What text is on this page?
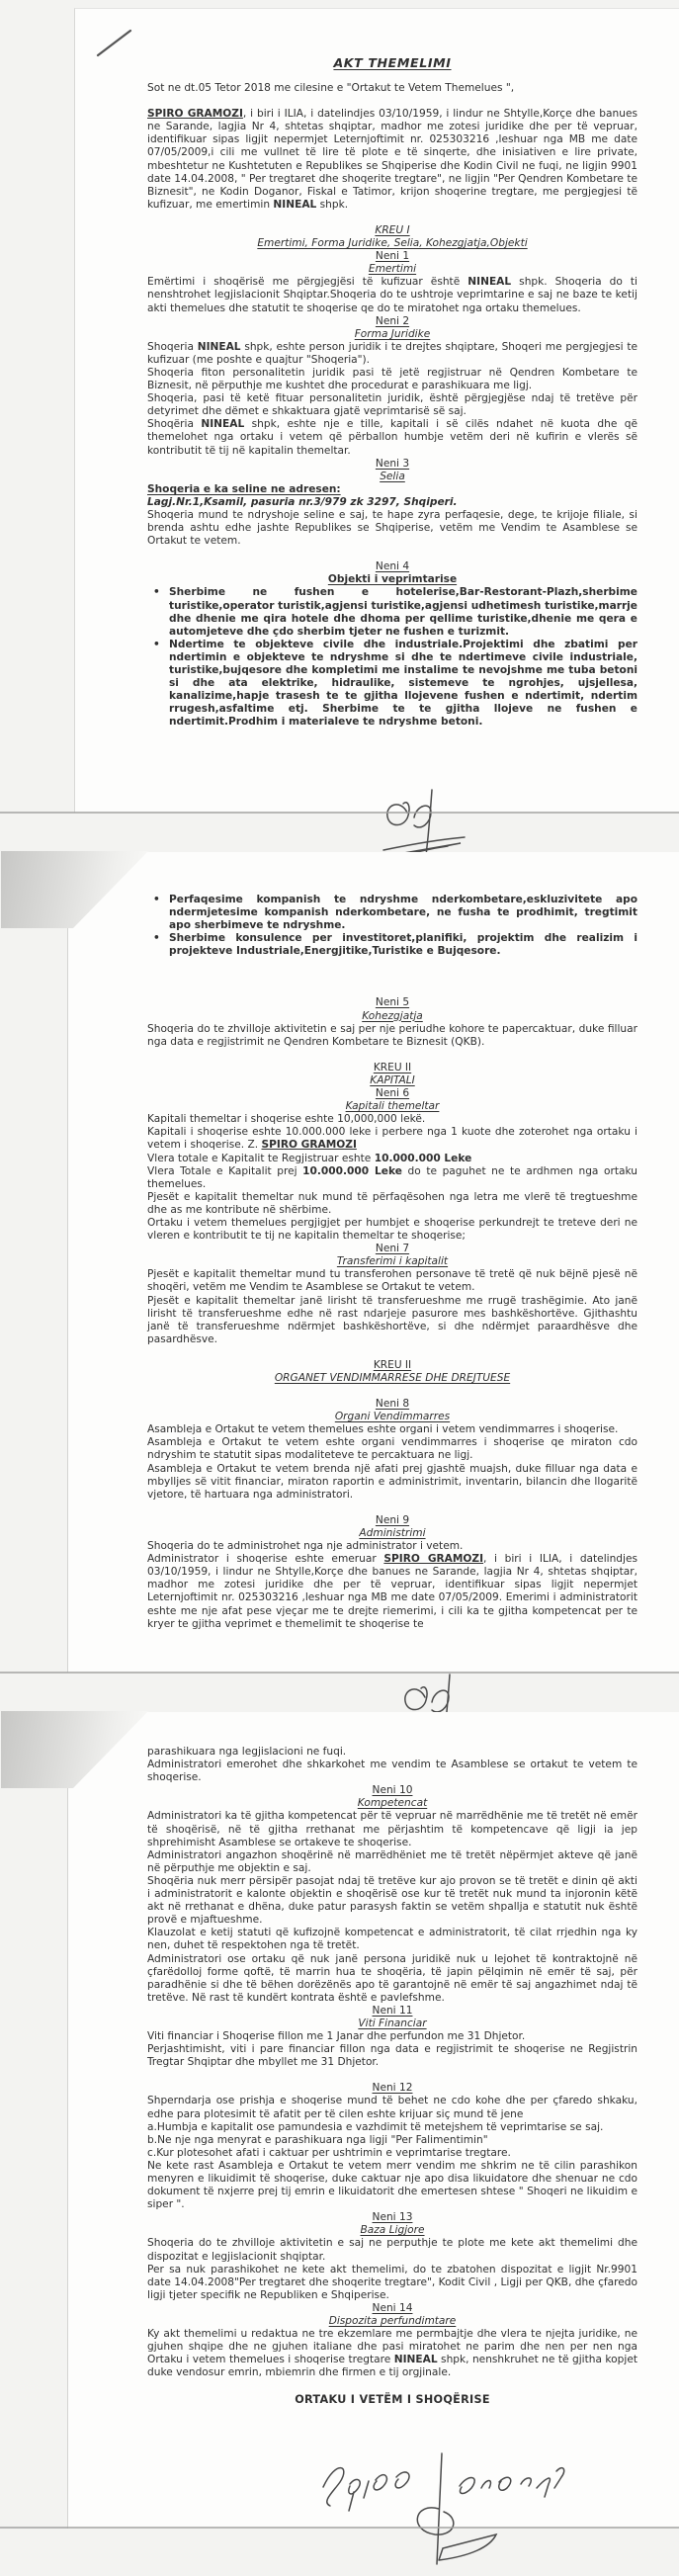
AKT THEMELIMI
Sot ne dt.05 Tetor 2018 me cilesine e "Ortakut te Vetem Themelues ",
SPIRO GRAMOZI, i biri i ILIA, i datelindjes 03/10/1959, i lindur ne Shtylle,Korçe dhe banues ne Sarande, lagjia Nr 4, shtetas shqiptar, madhor me zotesi juridike dhe per të vepruar, identifikuar sipas ligjit nepermjet Leternjoftimit nr. 025303216 ,leshuar nga MB me date 07/05/2009,i cili me vullnet të lire të plote e të sinqerte, dhe inisiativen e lire private, mbeshtetur ne Kushtetuten e Republikes se Shqiperise dhe Kodin Civil ne fuqi, ne ligjin 9901 date 14.04.2008, " Per tregtaret dhe shoqerite tregtare", ne ligjin "Per Qendren Kombetare te Biznesit", ne Kodin Doganor, Fiskal e Tatimor, krijon shoqerine tregtare, me pergjegjesi të kufizuar, me emertimin NINEAL shpk.
KREU I
Emertimi, Forma Juridike, Selia, Kohezgjatja,Objekti
Neni 1
Emertimi
Emërtimi i shoqërisë me përgjegjësi të kufizuar është NINEAL shpk. Shoqeria do ti nenshtrohet legjislacionit Shqiptar.Shoqeria do te ushtroje veprimtarine e saj ne baze te ketij akti themelues dhe statutit te shoqerise qe do te miratohet nga ortaku themelues.
Neni 2
Forma Juridike
Shoqeria NINEAL shpk, eshte person juridik i te drejtes shqiptare, Shoqeri me pergjegjesi te kufizuar (me poshte e quajtur "Shoqeria").
Shoqeria fiton personalitetin juridik pasi të jetë regjistruar në Qendren Kombetare te Biznesit, në përputhje me kushtet dhe procedurat e parashikuara me ligj.
Shoqeria, pasi të ketë fituar personalitetin juridik, është përgjegjëse ndaj të tretëve për detyrimet dhe dëmet e shkaktuara gjatë veprimtarisë së saj.
Shoqëria NINEAL shpk, eshte nje e tille, kapitali i së cilës ndahet në kuota dhe që themelohet nga ortaku i vetem që përballon humbje vetëm deri në kufirin e vlerës së kontributit të tij në kapitalin themeltar.
Neni 3
Selia
Shoqeria e ka seline ne adresen:
Lagj.Nr.1,Ksamil, pasuria nr.3/979 zk 3297, Shqiperi.
Shoqeria mund te ndryshoje seline e saj, te hape zyra perfaqesie, dege, te krijoje filiale, si brenda ashtu edhe jashte Republikes se Shqiperise, vetëm me Vendim te Asamblese se Ortakut te vetem.
Neni 4
Objekti i veprimtarise
• Sherbime ne fushen e hotelerise,Bar-Restorant-Plazh,sherbime turistike,operator turistik,agjensi turistike,agjensi udhetimesh turistike,marrje dhe dhenie me qira hotele dhe dhoma per qellime turistike,dhenie me qera e automjeteve dhe çdo sherbim tjeter ne fushen e turizmit.
• Ndertime te objekteve civile dhe industriale.Projektimi dhe zbatimi per ndertimin e objekteve te ndryshme si dhe te ndertimeve civile industriale, turistike,bujqesore dhe kompletimi me instalime te nevojshme me tuba betoni si dhe ata elektrike, hidraulike, sistemeve te ngrohjes, ujsjellesa, kanalizime,hapje trasesh te te gjitha llojevene fushen e ndertimit, ndertim rrugesh,asfaltime etj. Sherbime te te gjitha llojeve ne fushen e ndertimit.Prodhim i materialeve te ndryshme betoni.
• Perfaqesime kompanish te ndryshme nderkombetare,eskluzivitete apo ndermjetesime kompanish nderkombetare, ne fusha te prodhimit, tregtimit apo sherbimeve te ndryshme.
• Sherbime konsulence per investitoret,planifiki, projektim dhe realizim i projekteve Industriale,Energjitike,Turistike e Bujqesore.
Neni 5
Kohezgjatja
Shoqeria do te zhvilloje aktivitetin e saj per nje periudhe kohore te papercaktuar, duke filluar nga data e regjistrimit ne Qendren Kombetare te Biznesit (QKB).
KREU II
KAPITALI
Neni 6
Kapitali themeltar
Kapitali themeltar i shoqerise eshte 10,000,000 lekë.
Kapitali i shoqerise eshte 10.000.000 leke i perbere nga 1 kuote dhe zoterohet nga ortaku i vetem i shoqerise. Z. SPIRO GRAMOZI
Vlera totale e Kapitalit te Regjistruar eshte 10.000.000 Leke
Vlera Totale e Kapitalit prej 10.000.000 Leke do te paguhet ne te ardhmen nga ortaku themelues.
Pjesët e kapitalit themeltar nuk mund të përfaqësohen nga letra me vlerë të tregtueshme dhe as me kontribute në shërbime.
Ortaku i vetem themelues pergjigjet per humbjet e shoqerise perkundrejt te treteve deri ne vleren e kontributit te tij ne kapitalin themeltar te shoqerise;
Neni 7
Transferimi i kapitalit
Pjesët e kapitalit themeltar mund tu transferohen personave të tretë që nuk bëjnë pjesë në shoqëri, vetëm me Vendim te Asamblese se Ortakut te vetem.
Pjesët e kapitalit themeltar janë lirisht të transferueshme me rrugë trashëgimie. Ato janë lirisht të transferueshme edhe në rast ndarjeje pasurore mes bashkëshortëve. Gjithashtu janë të transferueshme ndërmjet bashkëshortëve, si dhe ndërmjet paraardhësve dhe pasardhësve.
KREU II
ORGANET VENDIMMARRESE DHE DREJTUESE
Neni 8
Organi Vendimmarres
Asambleja e Ortakut te vetem themelues eshte organi i vetem vendimmarres i shoqerise.
Asambleja e Ortakut te vetem eshte organi vendimmarres i shoqerise qe miraton cdo ndryshim te statutit sipas modaliteteve te percaktuara ne ligj.
Asambleja e Ortakut te vetem brenda një afati prej gjashtë muajsh, duke filluar nga data e mbylljes së vitit financiar, miraton raportin e administrimit, inventarin, bilancin dhe llogaritë vjetore, të hartuara nga administratori.
Neni 9
Administrimi
Shoqeria do te administrohet nga nje administrator i vetem.
Administrator i shoqerise eshte emeruar SPIRO GRAMOZI, i biri i ILIA, i datelindjes 03/10/1959, i lindur ne Shtylle,Korçe dhe banues ne Sarande, lagjia Nr 4, shtetas shqiptar, madhor me zotesi juridike dhe per të vepruar, identifikuar sipas ligjit nepermjet Leternjoftimit nr. 025303216 ,leshuar nga MB me date 07/05/2009. Emerimi i administratorit eshte me nje afat pese vjeçar me te drejte riemerimi, i cili ka te gjitha kompetencat per te kryer te gjitha veprimet e themelimit te shoqerise te
parashikuara nga legjislacioni ne fuqi.
Administratori emerohet dhe shkarkohet me vendim te Asamblese se ortakut te vetem te shoqerise.
Neni 10
Kompetencat
Administratori ka të gjitha kompetencat për të vepruar në marrëdhënie me të tretët në emër të shoqërisë, në të gjitha rrethanat me përjashtim të kompetencave që ligji ia jep shprehimisht Asamblese se ortakeve te shoqerise.
Administratori angazhon shoqërinë në marrëdhëniet me të tretët nëpërmjet akteve që janë në përputhje me objektin e saj.
Shoqëria nuk merr përsipër pasojat ndaj të tretëve kur ajo provon se të tretët e dinin që akti i administratorit e kalonte objektin e shoqërisë ose kur të tretët nuk mund ta injoronin këtë akt në rrethanat e dhëna, duke patur parasysh faktin se vetëm shpallja e statutit nuk është provë e mjaftueshme.
Klauzolat e ketij statuti që kufizojnë kompetencat e administratorit, të cilat rrjedhin nga ky nen, duhet të respektohen nga të tretët.
Administratori ose ortaku që nuk janë persona juridikë nuk u lejohet të kontraktojnë në çfarëdolloj forme qoftë, të marrin hua te shoqëria, të japin pëlqimin në emër të saj, për paradhënie si dhe të bëhen dorëzënës apo të garantojnë në emër të saj angazhimet ndaj të tretëve. Në rast të kundërt kontrata është e pavlefshme.
Neni 11
Viti Financiar
Viti financiar i Shoqerise fillon me 1 Janar dhe perfundon me 31 Dhjetor.
Perjashtimisht, viti i pare financiar fillon nga data e regjistrimit te shoqerise ne Regjistrin Tregtar Shqiptar dhe mbyllet me 31 Dhjetor.
Neni 12
Shperndarja ose prishja e shoqerise mund të behet ne cdo kohe dhe per çfaredo shkaku, edhe para plotesimit të afatit per të cilen eshte krijuar siç mund të jene
a.Humbja e kapitalit ose pamundesia e vazhdimit të metejshem të veprimtarise se saj.
b.Ne nje nga menyrat e parashikuara nga ligji "Per Falimentimin"
c.Kur plotesohet afati i caktuar per ushtrimin e veprimtarise tregtare.
Ne kete rast Asambleja e Ortakut te vetem merr vendim me shkrim ne të cilin parashikon menyren e likuidimit të shoqerise, duke caktuar nje apo disa likuidatore dhe shenuar ne cdo dokument të nxjerre prej tij emrin e likuidatorit dhe emertesen shtese " Shoqeri ne likuidim e siper ".
Neni 13
Baza Ligjore
Shoqeria do te zhvilloje aktivitetin e saj ne perputhje te plote me kete akt themelimi dhe dispozitat e legjislacionit shqiptar.
Per sa nuk parashikohet ne kete akt themelimi, do te zbatohen dispozitat e ligjit Nr.9901 date 14.04.2008"Per tregtaret dhe shoqerite tregtare", Kodit Civil , Ligji per QKB, dhe çfaredo ligji tjeter specifik ne Republiken e Shqiperise.
Neni 14
Dispozita perfundimtare
Ky akt themelimi u redaktua ne tre ekzemlare me permbajtje dhe vlera te njejta juridike, ne gjuhen shqipe dhe ne gjuhen italiane dhe pasi miratohet ne parim dhe nen per nen nga Ortaku i vetem themelues i shoqerise tregtare NINEAL shpk, nenshkruhet ne të gjitha kopjet duke vendosur emrin, mbiemrin dhe firmen e tij orgjinale.
ORTAKU I VETËM I SHOQËRISE
